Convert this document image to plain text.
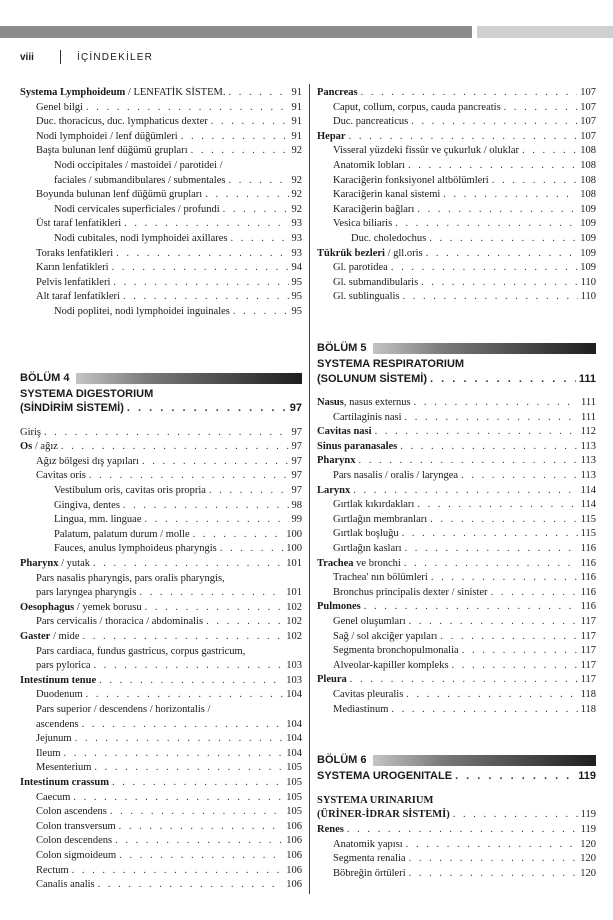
viii	İÇİNDEKİLER
Systema Lymphoideum / LENFATİK SİSTEM. . . .	91
Genel bilgi . . .	91
Duc. thoracicus, duc. lymphaticus dexter . . .	91
Nodi lymphoidei / lenf düğümleri . . .	91
Başta bulunan lenf düğümü grupları . . .	92
Nodi occipitales / mastoidei / parotidei /
faciales / submandibulares / submentales . . .	92
Boyunda bulunan lenf düğümü grupları . . .	92
Nodi cervicales superficiales / profundi . . .	92
Üst taraf lenfatikleri . . .	93
Nodi cubitales, nodi lymphoidei axillares . . .	93
Toraks lenfatikleri . . .	93
Karın lenfatikleri . . .	94
Pelvis lenfatikleri . . .	95
Alt taraf lenfatikleri . . .	95
Nodi poplitei, nodi lymphoidei inguinales . . .	95
BÖLÜM 4
SYSTEMA DIGESTORIUM
(SİNDİRİM SİSTEMİ) . . .	97
Giriş . . .	97
Os / ağız . . .	97
Ağız bölgesi dış yapıları . . .	97
Cavitas oris . . .	97
Vestibulum oris, cavitas oris propria . . .	97
Gingiva, dentes . . .	98
Lingua, mm. linguae . . .	99
Palatum, palatum durum / molle . . .	100
Fauces, anulus lymphoideus pharyngis . . .	100
Pharynx / yutak . . .	101
Pars nasalis pharyngis, pars oralis pharyngis,
pars laryngea pharyngis . . .	101
Oesophagus / yemek borusu . . .	102
Pars cervicalis / thoracica / abdominalis . . .	102
Gaster / mide . . .	102
Pars cardiaca, fundus gastricus, corpus gastricum,
pars pylorica . . .	103
Intestinum tenue . . .	103
Duodenum . . .	104
Pars superior / descendens / horizontalis /
ascendens . . .	104
Jejunum . . .	104
Ileum . . .	104
Mesenterium . . .	105
Intestinum crassum . . .	105
Caecum . . .	105
Colon ascendens . . .	105
Colon transversum . . .	106
Colon descendens . . .	106
Colon sigmoideum . . .	106
Rectum . . .	106
Canalis analis . . .	106
Pancreas . . .	107
Caput, collum, corpus, cauda pancreatis . . .	107
Duc. pancreaticus . . .	107
Hepar . . .	107
Visseral yüzdeki fissür ve çukurluk / oluklar . . .	108
Anatomik lobları . . .	108
Karaciğerin fonksiyonel altbölümleri . . .	108
Karaciğerin kanal sistemi . . .	108
Karaciğerin bağları . . .	109
Vesica biliaris . . .	109
Duc. choledochus . . .	109
Tükrük bezleri / gll.oris . . .	109
Gl. parotidea . . .	109
Gl. submandibularis . . .	110
Gl. sublingualis . . .	110
BÖLÜM 5
SYSTEMA RESPIRATORIUM
(SOLUNUM SİSTEMİ) . . .	111
Nasus, nasus externus . . .	111
Cartilaginis nasi . . .	111
Cavitas nasi . . .	112
Sinus paranasales . . .	113
Pharynx . . .	113
Pars nasalis / oralis / laryngea . . .	113
Larynx . . .	114
Gırtlak kıkırdakları . . .	114
Gırtlağın membranları . . .	115
Gırtlak boşluğu . . .	115
Gırtlağın kasları . . .	116
Trachea ve bronchi . . .	116
Trachea' nın bölümleri . . .	116
Bronchus principalis dexter / sinister . . .	116
Pulmones . . .	116
Genel oluşumları . . .	117
Sağ / sol akciğer yapıları . . .	117
Segmenta bronchopulmonalia . . .	117
Alveolar-kapiller kompleks . . .	117
Pleura . . .	117
Cavitas pleuralis . . .	118
Mediastinum . . .	118
BÖLÜM 6
SYSTEMA UROGENITALE . . .	119
SYSTEMA URINARIUM
(ÜRİNER-İDRAR SİSTEMİ) . . .	119
Renes . . .	119
Anatomik yapısı . . .	120
Segmenta renalia . . .	120
Böbreğin örtüleri . . .	120
